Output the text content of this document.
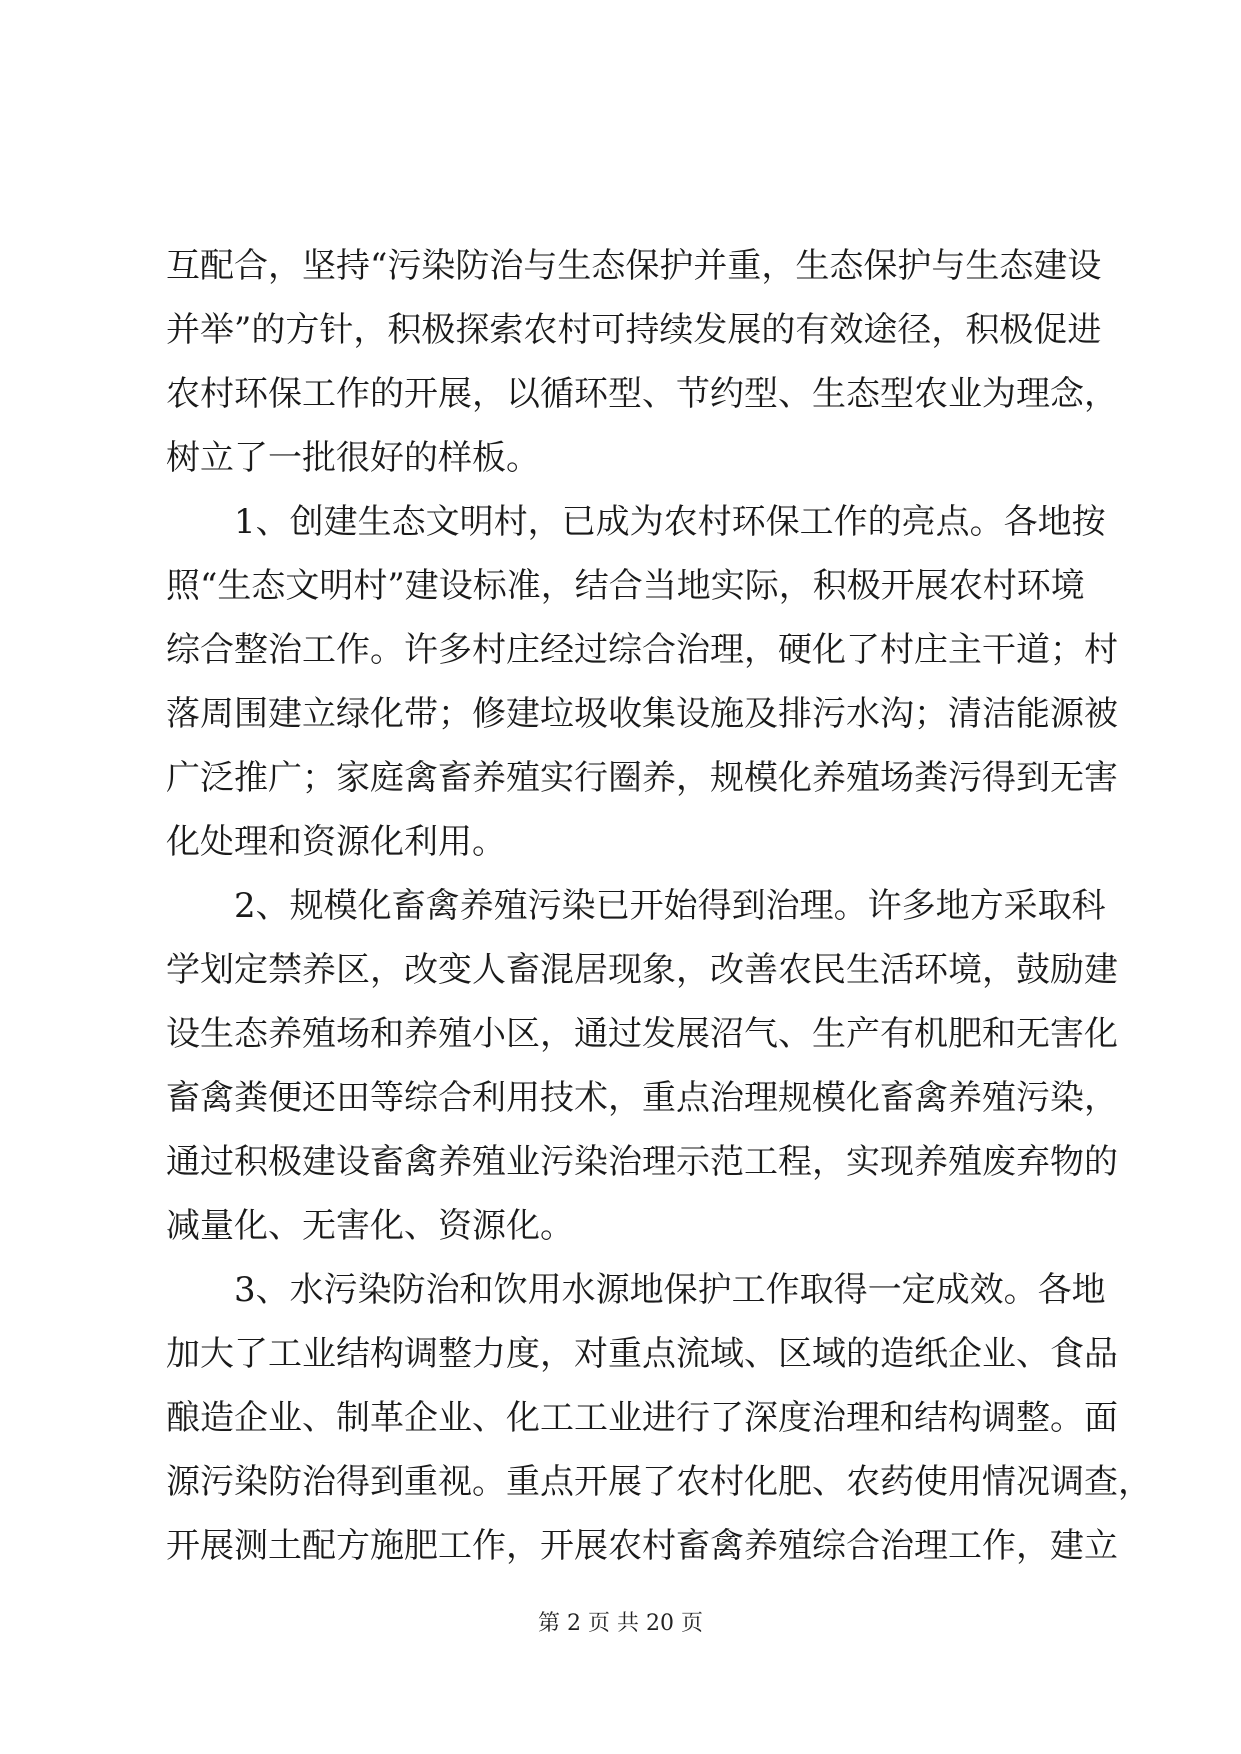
互配合，坚持“污染防治与生态保护并重，生态保护与生态建设
并举”的方针，积极探索农村可持续发展的有效途径，积极促进
农村环保工作的开展，以循环型、节约型、生态型农业为理念，
树立了一批很好的样板。
1、创建生态文明村，已成为农村环保工作的亮点。各地按
照“生态文明村”建设标准，结合当地实际，积极开展农村环境
综合整治工作。许多村庄经过综合治理，硬化了村庄主干道；村
落周围建立绿化带；修建垃圾收集设施及排污水沟；清洁能源被
广泛推广；家庭禽畜养殖实行圈养，规模化养殖场粪污得到无害
化处理和资源化利用。
2、规模化畜禽养殖污染已开始得到治理。许多地方采取科
学划定禁养区，改变人畜混居现象，改善农民生活环境，鼓励建
设生态养殖场和养殖小区，通过发展沼气、生产有机肥和无害化
畜禽粪便还田等综合利用技术，重点治理规模化畜禽养殖污染，
通过积极建设畜禽养殖业污染治理示范工程，实现养殖废弃物的
减量化、无害化、资源化。
3、水污染防治和饮用水源地保护工作取得一定成效。各地
加大了工业结构调整力度，对重点流域、区域的造纸企业、食品
酿造企业、制革企业、化工工业进行了深度治理和结构调整。面
源污染防治得到重视。重点开展了农村化肥、农药使用情况调查，
开展测土配方施肥工作，开展农村畜禽养殖综合治理工作，建立
第 2 页 共 20 页
